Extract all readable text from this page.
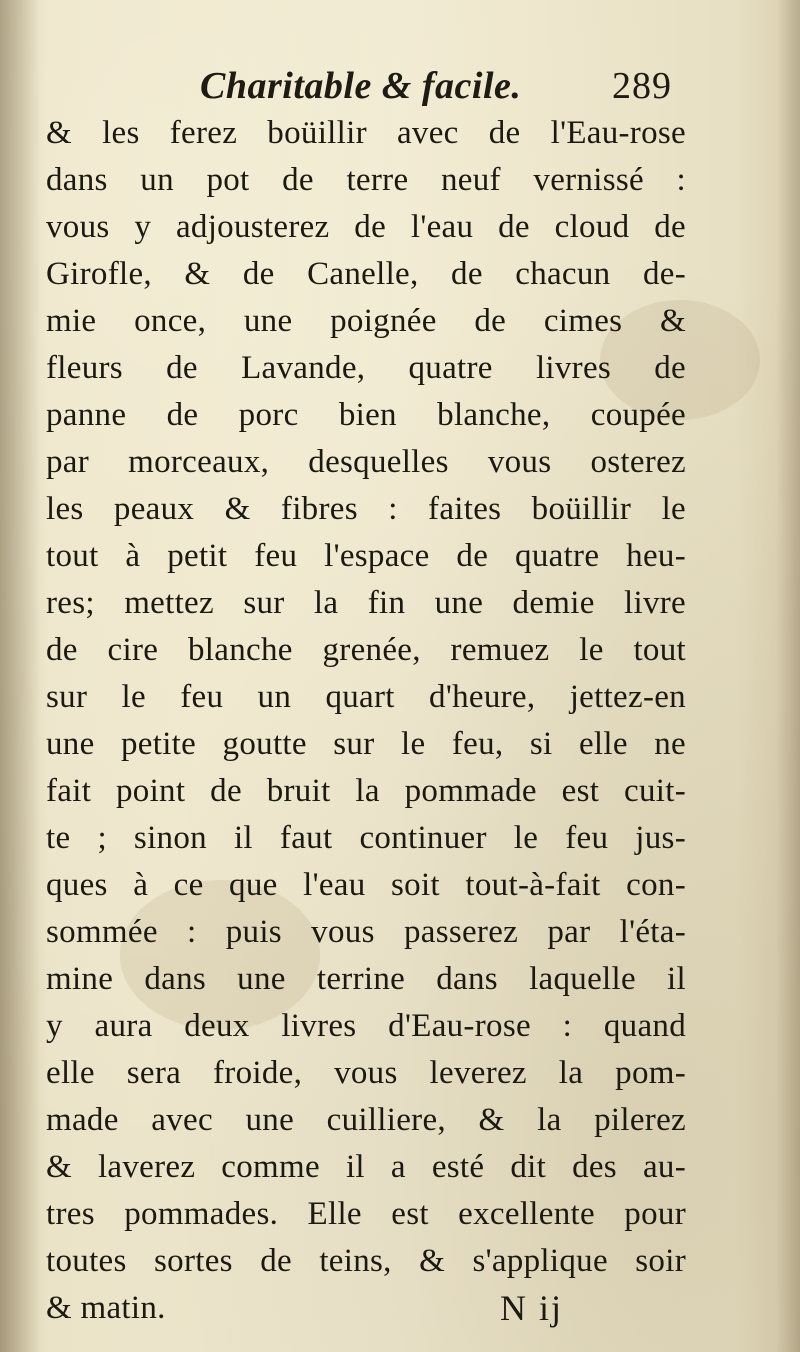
Charitable & facile. 289
& les ferez boüillir avec de l'Eau-rose
dans un pot de terre neuf vernissé :
vous y adjousterez de l'eau de cloud de
Girofle, & de Canelle, de chacun de-
mie once, une poignée de cimes &
fleurs de Lavande, quatre livres de
panne de porc bien blanche, coupée
par morceaux, desquelles vous osterez
les peaux & fibres : faites boüillir le
tout à petit feu l'espace de quatre heu-
res; mettez sur la fin une demie livre
de cire blanche grenée, remuez le tout
sur le feu un quart d'heure, jettez-en
une petite goutte sur le feu, si elle ne
fait point de bruit la pommade est cuit-
te ; sinon il faut continuer le feu jus-
ques à ce que l'eau soit tout-à-fait con-
sommée : puis vous passerez par l'éta-
mine dans une terrine dans laquelle il
y aura deux livres d'Eau-rose : quand
elle sera froide, vous leverez la pom-
made avec une cuilliere, & la pilerez
& laverez comme il a esté dit des au-
tres pommades. Elle est excellente pour
toutes sortes de teins, & s'applique soir
& matin.	N ij
